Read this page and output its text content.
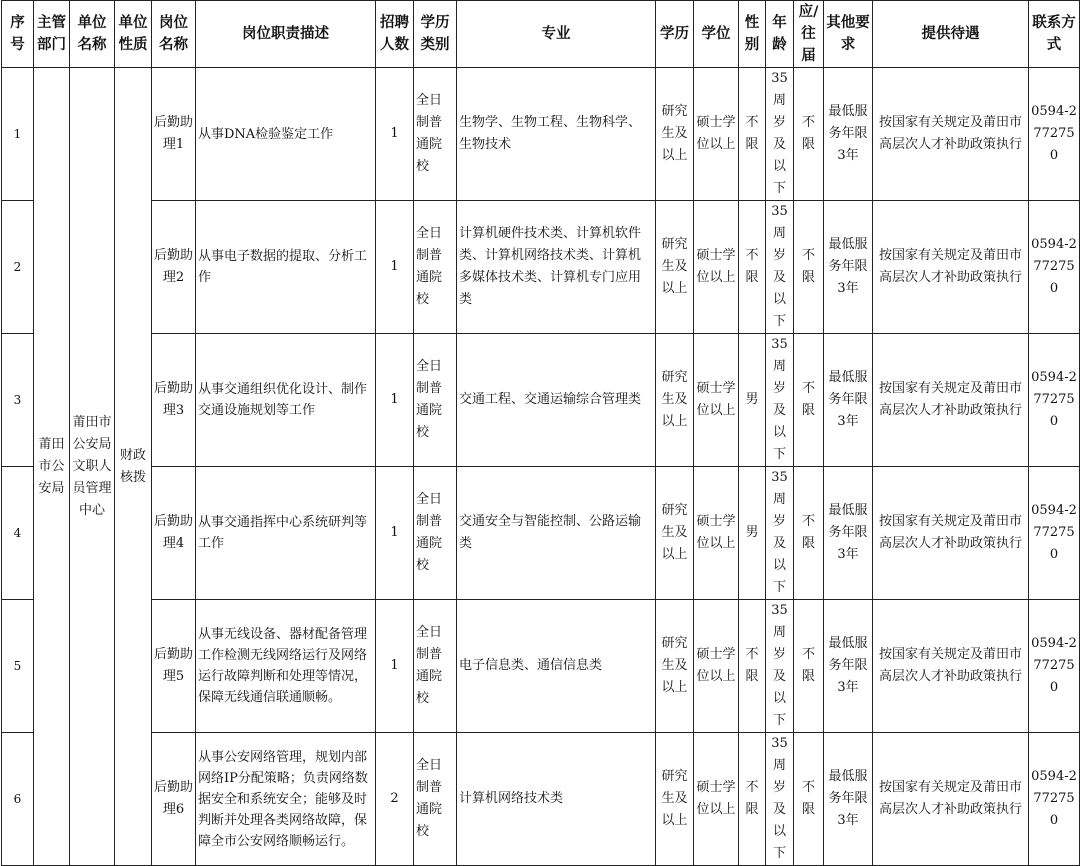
序号	主管部门	单位名称	单位性质	岗位名称	岗位职责描述	招聘人数	学历类别	专业	学历	学位	性别	年龄	应/往届	其他要求	提供待遇	联系方式
1	莆田市公安局	莆田市公安局文职人员管理中心	财政核拨	后勤助理1	从事DNA检验鉴定工作	1	全日制普通院校	生物学、生物工程、生物科学、生物技术	研究生及以上	硕士学位以上	不限	35周岁及以下	不限	最低服务年限3年	按国家有关规定及莆田市高层次人才补助政策执行	0594-2772750
2				后勤助理2	从事电子数据的提取、分析工作	1	全日制普通院校	计算机硬件技术类、计算机软件类、计算机网络技术类、计算机多媒体技术类、计算机专门应用类	研究生及以上	硕士学位以上	不限	35周岁及以下	不限	最低服务年限3年	按国家有关规定及莆田市高层次人才补助政策执行	0594-2772750
3				后勤助理3	从事交通组织优化设计、制作交通设施规划等工作	1	全日制普通院校	交通工程、交通运输综合管理类	研究生及以上	硕士学位以上	男	35周岁及以下	不限	最低服务年限3年	按国家有关规定及莆田市高层次人才补助政策执行	0594-2772750
4				后勤助理4	从事交通指挥中心系统研判等工作	1	全日制普通院校	交通安全与智能控制、公路运输类	研究生及以上	硕士学位以上	男	35周岁及以下	不限	最低服务年限3年	按国家有关规定及莆田市高层次人才补助政策执行	0594-2772750
5				后勤助理5	从事无线设备、器材配备管理工作检测无线网络运行及网络运行故障判断和处理等情况，保障无线通信联通顺畅。	1	全日制普通院校	电子信息类、通信信息类	研究生及以上	硕士学位以上	不限	35周岁及以下	不限	最低服务年限3年	按国家有关规定及莆田市高层次人才补助政策执行	0594-2772750
6				后勤助理6	从事公安网络管理，规划内部网络IP分配策略；负责网络数据安全和系统安全；能够及时判断并处理各类网络故障，保障全市公安网络顺畅运行。	2	全日制普通院校	计算机网络技术类	研究生及以上	硕士学位以上	不限	35周岁及以下	不限	最低服务年限3年	按国家有关规定及莆田市高层次人才补助政策执行	0594-2772750
